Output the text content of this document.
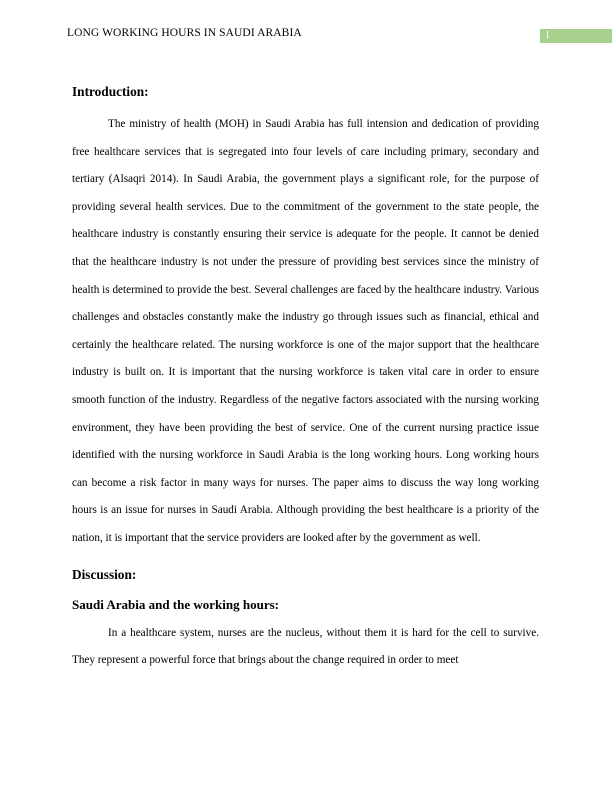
LONG WORKING HOURS IN SAUDI ARABIA	1
Introduction:

The ministry of health (MOH) in Saudi Arabia has full intension and dedication of providing free healthcare services that is segregated into four levels of care including primary, secondary and tertiary (Alsaqri 2014). In Saudi Arabia, the government plays a significant role, for the purpose of providing several health services. Due to the commitment of the government to the state people, the healthcare industry is constantly ensuring their service is adequate for the people. It cannot be denied that the healthcare industry is not under the pressure of providing best services since the ministry of health is determined to provide the best. Several challenges are faced by the healthcare industry. Various challenges and obstacles constantly make the industry go through issues such as financial, ethical and certainly the healthcare related. The nursing workforce is one of the major support that the healthcare industry is built on. It is important that the nursing workforce is taken vital care in order to ensure smooth function of the industry. Regardless of the negative factors associated with the nursing working environment, they have been providing the best of service. One of the current nursing practice issue identified with the nursing workforce in Saudi Arabia is the long working hours. Long working hours can become a risk factor in many ways for nurses. The paper aims to discuss the way long working hours is an issue for nurses in Saudi Arabia. Although providing the best healthcare is a priority of the nation, it is important that the service providers are looked after by the government as well.

Discussion:
Saudi Arabia and the working hours:

In a healthcare system, nurses are the nucleus, without them it is hard for the cell to survive. They represent a powerful force that brings about the change required in order to meet
